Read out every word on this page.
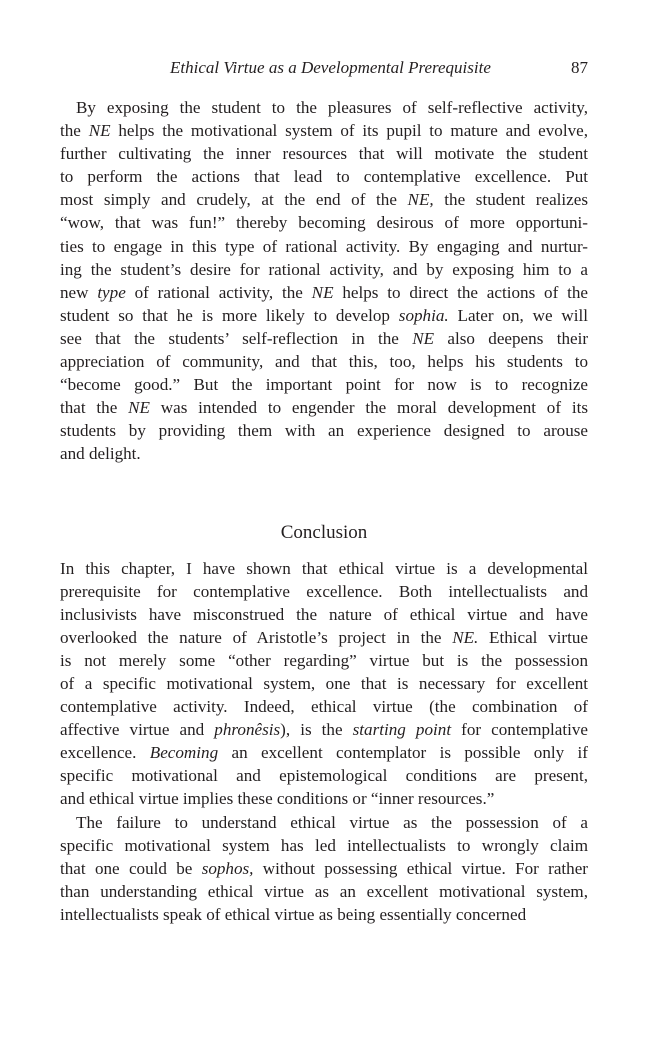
Ethical Virtue as a Developmental Prerequisite	87
By exposing the student to the pleasures of self-reflective activity,
the NE helps the motivational system of its pupil to mature and evolve,
further cultivating the inner resources that will motivate the student
to perform the actions that lead to contemplative excellence. Put
most simply and crudely, at the end of the NE, the student realizes
“wow, that was fun!” thereby becoming desirous of more opportuni-
ties to engage in this type of rational activity. By engaging and nurtur-
ing the student’s desire for rational activity, and by exposing him to a
new type of rational activity, the NE helps to direct the actions of the
student so that he is more likely to develop sophia. Later on, we will
see that the students’ self-reflection in the NE also deepens their
appreciation of community, and that this, too, helps his students to
“become good.” But the important point for now is to recognize
that the NE was intended to engender the moral development of its
students by providing them with an experience designed to arouse
and delight.
Conclusion
In this chapter, I have shown that ethical virtue is a developmental
prerequisite for contemplative excellence. Both intellectualists and
inclusivists have misconstrued the nature of ethical virtue and have
overlooked the nature of Aristotle’s project in the NE. Ethical virtue
is not merely some “other regarding” virtue but is the possession
of a specific motivational system, one that is necessary for excellent
contemplative activity. Indeed, ethical virtue (the combination of
affective virtue and phronêsis), is the starting point for contemplative
excellence. Becoming an excellent contemplator is possible only if
specific motivational and epistemological conditions are present,
and ethical virtue implies these conditions or “inner resources.”
The failure to understand ethical virtue as the possession of a
specific motivational system has led intellectualists to wrongly claim
that one could be sophos, without possessing ethical virtue. For rather
than understanding ethical virtue as an excellent motivational system,
intellectualists speak of ethical virtue as being essentially concerned
